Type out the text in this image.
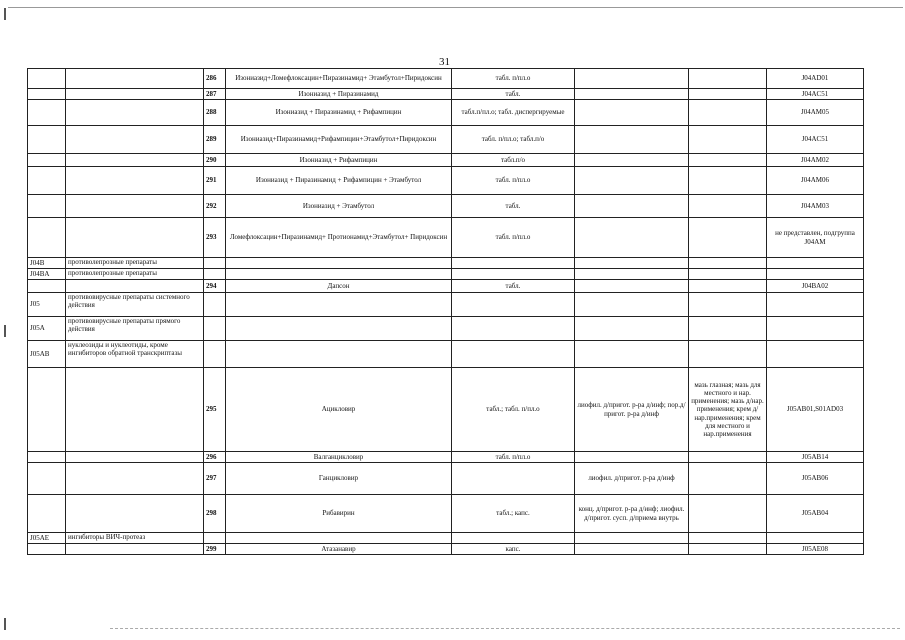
31
		286	Изониазид+Ломефлоксацин+Пиразинамид+ Этамбутол+Пиридоксин	табл. п/пл.о			J04AD01
		287	Изониазид + Пиразинамид	табл.			J04AC51
		288	Изониазид + Пиразинамид + Рифампицин	табл.п/пл.о; табл. диспергируемые			J04AM05
		289	Изониазид+Пиразинамид+Рифампицин+Этамбутол+Пиридоксин	табл. п/пл.о; табл.п/о			J04AC51
		290	Изониазид + Рифампицин	табл.п/о			J04AM02
		291	Изониазид + Пиразинамид + Рифампицин + Этамбутол	табл. п/пл.о			J04AM06
		292	Изониазид + Этамбутол	табл.			J04AM03
		293	Ломефлоксацин+Пиразинамид+ Протионамид+Этамбутол+ Пиридоксин	табл. п/пл.о			не представлен, подгруппа J04AM
J04B	противолепрозные препараты						
J04BA	противолепрозные препараты						
		294	Дапсон	табл.			J04BA02
J05	противовирусные препараты системного действия						
J05A	противовирусные препараты прямого действия						
J05AB	нуклеозиды и нуклеотиды, кроме ингибиторов обратной транскриптазы						
		295	Ацикловир	табл.; табл. п/пл.о	лиофил. д/пригот. р-ра д/инф; пор.д/пригот. р-ра д/инф	мазь глазная; мазь для местного и нар. применения; мазь д/нар. применения; крем д/нар.применения; крем для местного и нар.применения	J05AB01,S01AD03
		296	Валганцикловир	табл. п/пл.о			J05AB14
		297	Ганцикловир		лиофил. д/пригот. р-ра д/инф		J05AB06
		298	Рибавирин	табл.; капс.	конц. д/пригот. р-ра д/инф; лиофил. д/пригот. сусп. д/приема внутрь		J05AB04
J05AE	ингибиторы ВИЧ-протеаз						
		299	Атазанавир	капс.			J05AE08
